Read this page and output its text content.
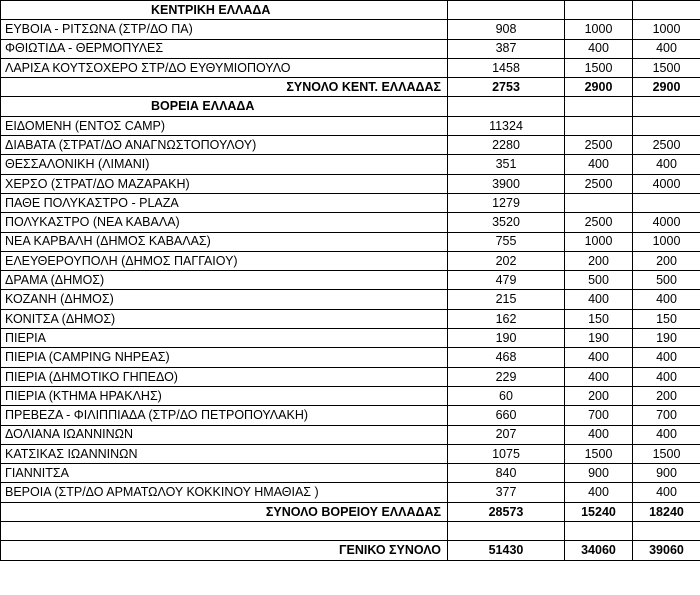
ΚΕΝΤΡΙΚΗ ΕΛΛΑΔΑ			
ΕΥΒΟΙΑ - ΡΙΤΣΩΝΑ (ΣΤΡ/ΔΟ ΠΑ)	908	1000	1000
ΦΘΙΩΤΙΔΑ - ΘΕΡΜΟΠΥΛΕΣ	387	400	400
ΛΑΡΙΣΑ ΚΟΥΤΣΟΧΕΡΟ ΣΤΡ/ΔΟ ΕΥΘΥΜΙΟΠΟΥΛΟ	1458	1500	1500
ΣΥΝΟΛΟ ΚΕΝΤ. ΕΛΛΑΔΑΣ	2753	2900	2900
ΒΟΡΕΙΑ ΕΛΛΑΔΑ			
ΕΙΔΟΜΕΝΗ (ΕΝΤΟΣ CAMP)	11324		
ΔΙΑΒΑΤΑ (ΣΤΡΑΤ/ΔΟ ΑΝΑΓΝΩΣΤΟΠΟΥΛΟΥ)	2280	2500	2500
ΘΕΣΣΑΛΟΝΙΚΗ (ΛΙΜΑΝΙ)	351	400	400
ΧΕΡΣΟ (ΣΤΡΑΤ/ΔΟ ΜΑΖΑΡΑΚΗ)	3900	2500	4000
ΠΑΘΕ ΠΟΛΥΚΑΣΤΡΟ - PLAZA	1279		
ΠΟΛΥΚΑΣΤΡΟ (ΝΕΑ ΚΑΒΑΛΑ)	3520	2500	4000
ΝΕΑ ΚΑΡΒΑΛΗ (ΔΗΜΟΣ ΚΑΒΑΛΑΣ)	755	1000	1000
ΕΛΕΥΘΕΡΟΥΠΟΛΗ (ΔΗΜΟΣ ΠΑΓΓΑΙΟΥ)	202	200	200
ΔΡΑΜΑ (ΔΗΜΟΣ)	479	500	500
ΚΟΖΑΝΗ (ΔΗΜΟΣ)	215	400	400
ΚΟΝΙΤΣΑ (ΔΗΜΟΣ)	162	150	150
ΠΙΕΡΙΑ	190	190	190
ΠΙΕΡΙΑ (CAMPING ΝΗΡΕΑΣ)	468	400	400
ΠΙΕΡΙΑ (ΔΗΜΟΤΙΚΟ ΓΗΠΕΔΟ)	229	400	400
ΠΙΕΡΙΑ (ΚΤΗΜΑ ΗΡΑΚΛΗΣ)	60	200	200
ΠΡΕΒΕΖΑ - ΦΙΛΙΠΠΙΑΔΑ (ΣΤΡ/ΔΟ ΠΕΤΡΟΠΟΥΛΑΚΗ)	660	700	700
ΔΟΛΙΑΝΑ ΙΩΑΝΝΙΝΩΝ	207	400	400
ΚΑΤΣΙΚΑΣ ΙΩΑΝΝΙΝΩΝ	1075	1500	1500
ΓΙΑΝΝΙΤΣΑ	840	900	900
ΒΕΡΟΙΑ (ΣΤΡ/ΔΟ ΑΡΜΑΤΩΛΟΥ ΚΟΚΚΙΝΟΥ ΗΜΑΘΙΑΣ )	377	400	400
ΣΥΝΟΛΟ ΒΟΡΕΙΟΥ ΕΛΛΑΔΑΣ	28573	15240	18240

ΓΕΝΙΚΟ ΣΥΝΟΛΟ	51430	34060	39060
